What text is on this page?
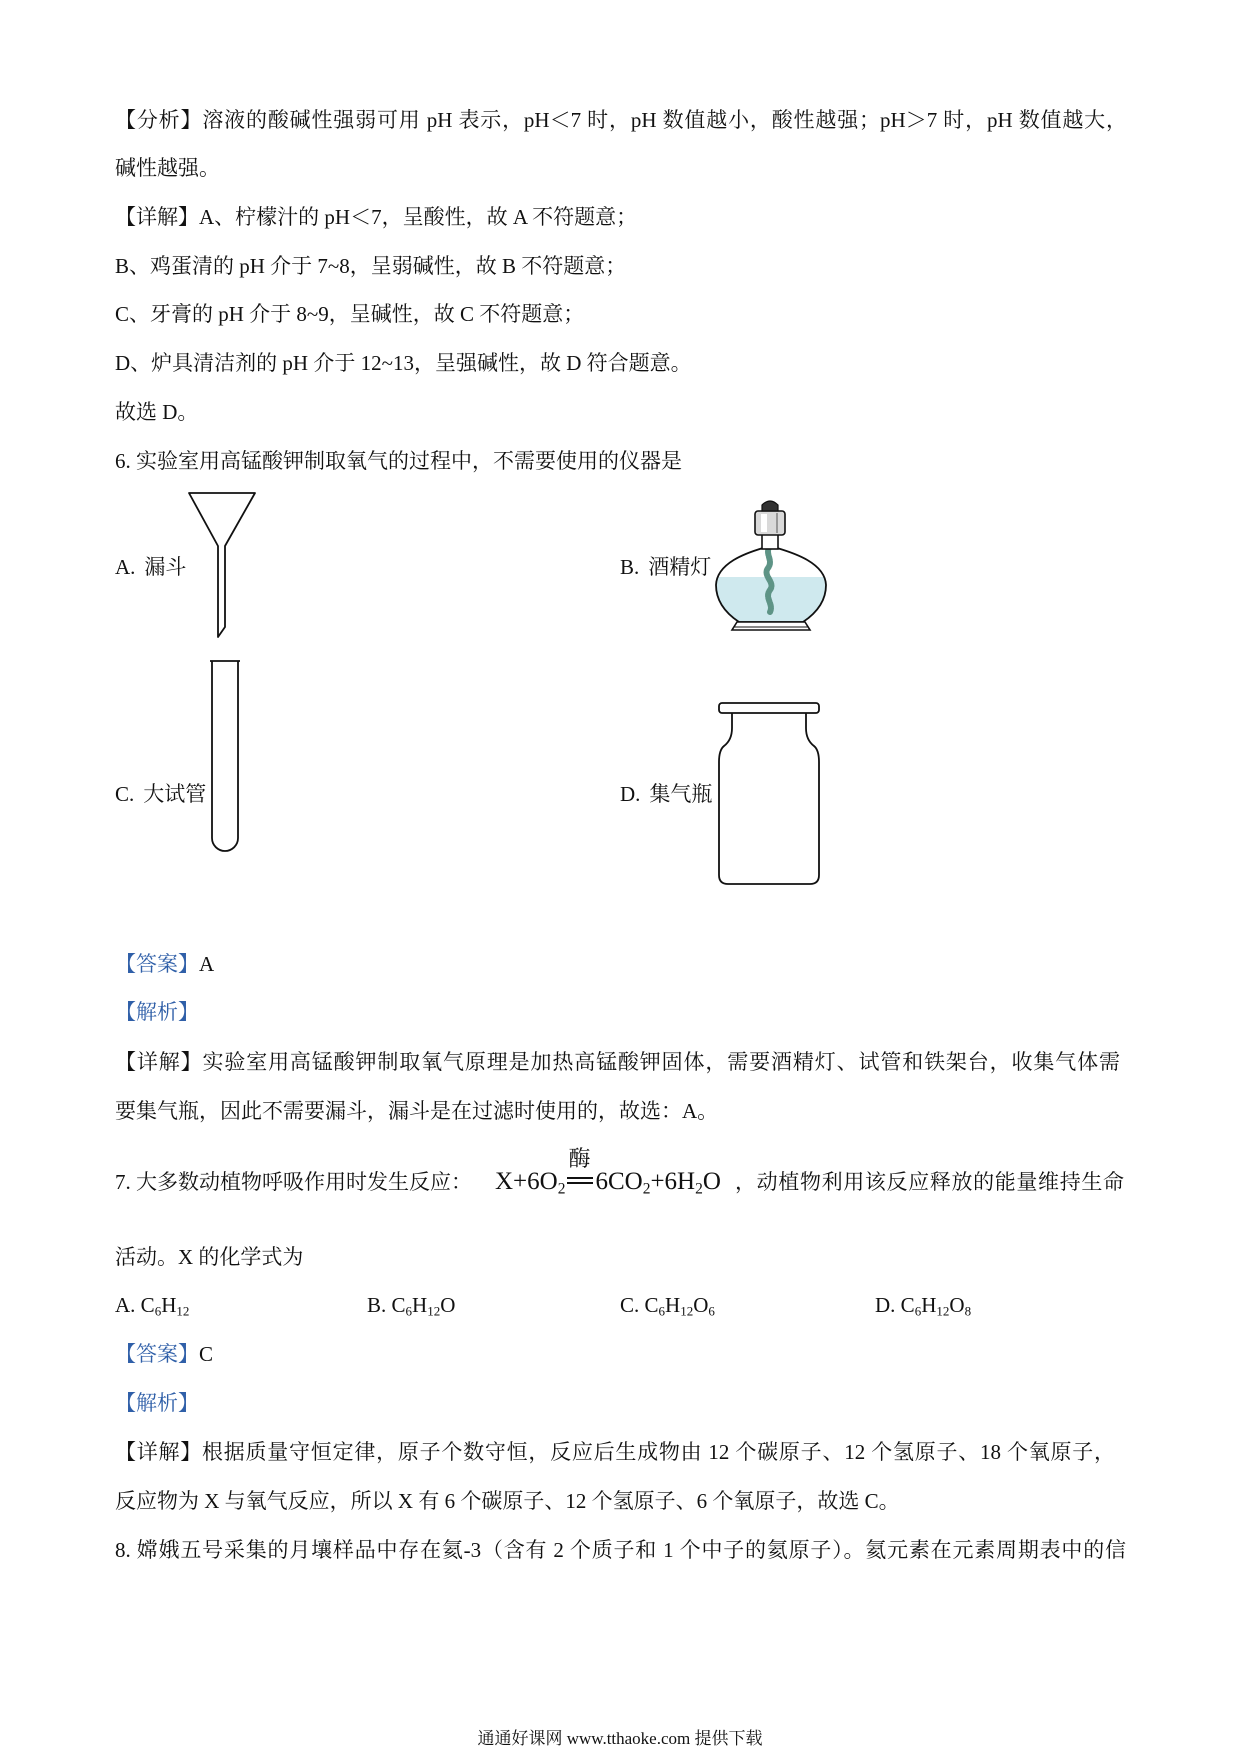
【分析】溶液的酸碱性强弱可用 pH 表示，pH＜7 时，pH 数值越小，酸性越强；pH＞7 时，pH 数值越大，
碱性越强。
【详解】A、柠檬汁的 pH＜7，呈酸性，故 A 不符题意；
B、鸡蛋清的 pH 介于 7~8，呈弱碱性，故 B 不符题意；
C、牙膏的 pH 介于 8~9，呈碱性，故 C 不符题意；
D、炉具清洁剂的 pH 介于 12~13，呈强碱性，故 D 符合题意。
故选 D。
6. 实验室用高锰酸钾制取氧气的过程中，不需要使用的仪器是
A. 漏斗	B. 酒精灯
C. 大试管	D. 集气瓶
【答案】A
【解析】
【详解】实验室用高锰酸钾制取氧气原理是加热高锰酸钾固体，需要酒精灯、试管和铁架台，收集气体需
要集气瓶，因此不需要漏斗，漏斗是在过滤时使用的，故选：A。
7. 大多数动植物呼吸作用时发生反应： $X+6O_2$
酶
$6CO_2+6H_2O$ ，动植物利用该反应释放的能量维持生命
活动。X 的化学式为
A. $C_6H_{12}$	B. $C_6H_{12}O$	C. $C_6H_{12}O_6$	D. $C_6H_{12}O_8$
【答案】C
【解析】
【详解】根据质量守恒定律，原子个数守恒，反应后生成物由 12 个碳原子、12 个氢原子、18 个氧原子，
反应物为 X 与氧气反应，所以 X 有 6 个碳原子、12 个氢原子、6 个氧原子，故选 C。
8. 嫦娥五号采集的月壤样品中存在氦-3（含有 2 个质子和 1 个中子的氦原子）。氦元素在元素周期表中的信
通通好课网 www.tthaoke.com 提供下载
